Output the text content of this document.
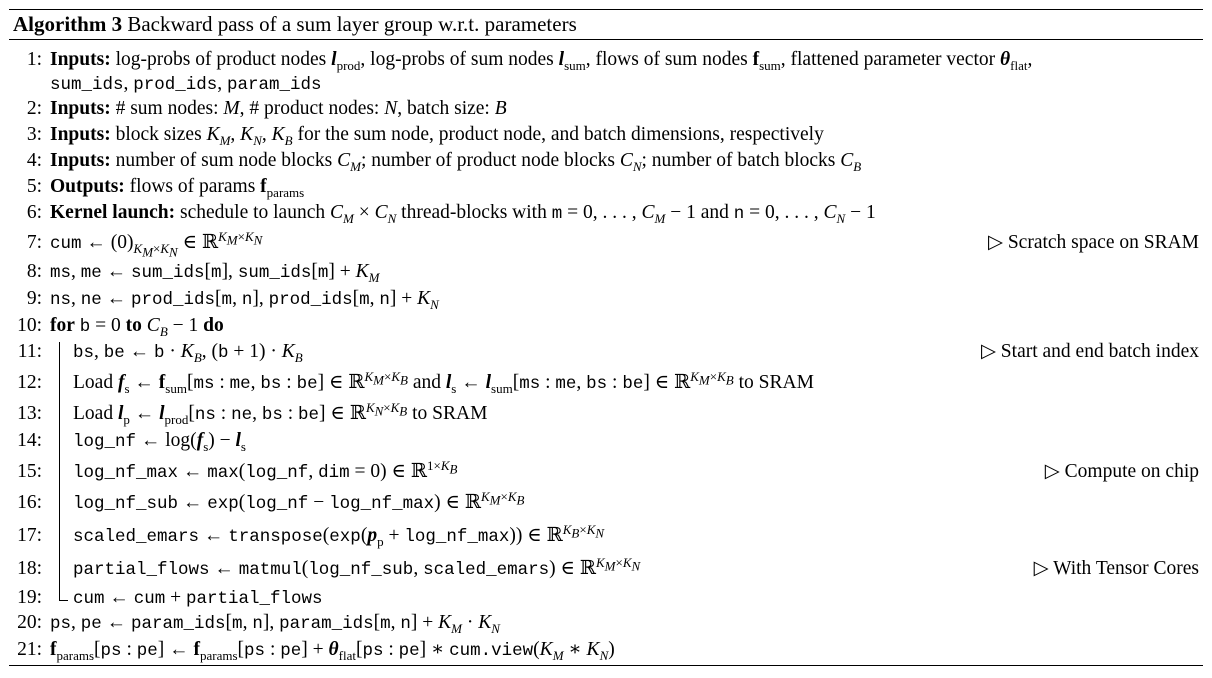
Algorithm 3 Backward pass of a sum layer group w.r.t. parameters
1: Inputs: log-probs of product nodes $l_{prod}$, log-probs of sum nodes $l_{sum}$, flows of sum nodes $f_{sum}$, flattened parameter vector $\theta_{flat}$,
sum_ids, prod_ids, param_ids
2: Inputs: # sum nodes: M, # product nodes: N, batch size: B
3: Inputs: block sizes $K_M$, $K_N$, $K_B$ for the sum node, product node, and batch dimensions, respectively
4: Inputs: number of sum node blocks $C_M$; number of product node blocks $C_N$; number of batch blocks $C_B$
5: Outputs: flows of params $f_{params}$
6: Kernel launch: schedule to launch $C_M \times C_N$ thread-blocks with m = 0, . . . , $C_M - 1$ and n = 0, . . . , $C_N - 1$
7: cum ← $(0)_{K_M\times K_N}$ ∈ ℝ$^{K_M\times K_N}$	▷ Scratch space on SRAM
8: ms, me ← sum_ids[m], sum_ids[m] + $K_M$
9: ns, ne ← prod_ids[m, n], prod_ids[m, $n] + K_N$
10: for b = 0 to $C_B - 1$ do
11: bs, be ← $b \cdot K_B$, $(b + 1) \cdot K_B$	▷ Start and end batch index
12: Load $f_s$ ← $f_{sum}[ms$ : me, bs : be] ∈ ℝ$^{K_M\times K_B}$ and $l_s$ ← $l_{sum}[ms$ : me, bs : be] ∈ ℝ$^{K_M\times K_B}$ to SRAM
13: Load $l_p$ ← $l_{prod}[ns$ : ne, bs : be] ∈ ℝ$^{K_N\times K_B}$ to SRAM
14: log_nf ← $\log(f_s) - l_s$
15: log_nf_max ← max(log_nf, dim = 0) ∈ ℝ$^{1\times K_B}$	▷ Compute on chip
16: log_nf_sub ← exp(log_nf − log_nf_max) ∈ ℝ$^{K_M\times K_B}$
17: scaled_emars ← $transpose(\exp(p_p$ + log_nf_max)) ∈ ℝ$^{K_B\times K_N}$
18: partial_flows ← matmul(log_nf_sub, scaled_emars) ∈ ℝ$^{K_M\times K_N}$	▷ With Tensor Cores
19: cum ← cum + partial_flows
20: ps, pe ← param_ids[m, n], param_ids[m, $n] + K_M \cdot K_N$
21: $f_{params}[ps$ : pe] ← $f_{params}[ps$ : $pe] + \theta_{flat}[ps$ : pe] ∗ $cum.view(K_M$ ∗ $K_N$)
